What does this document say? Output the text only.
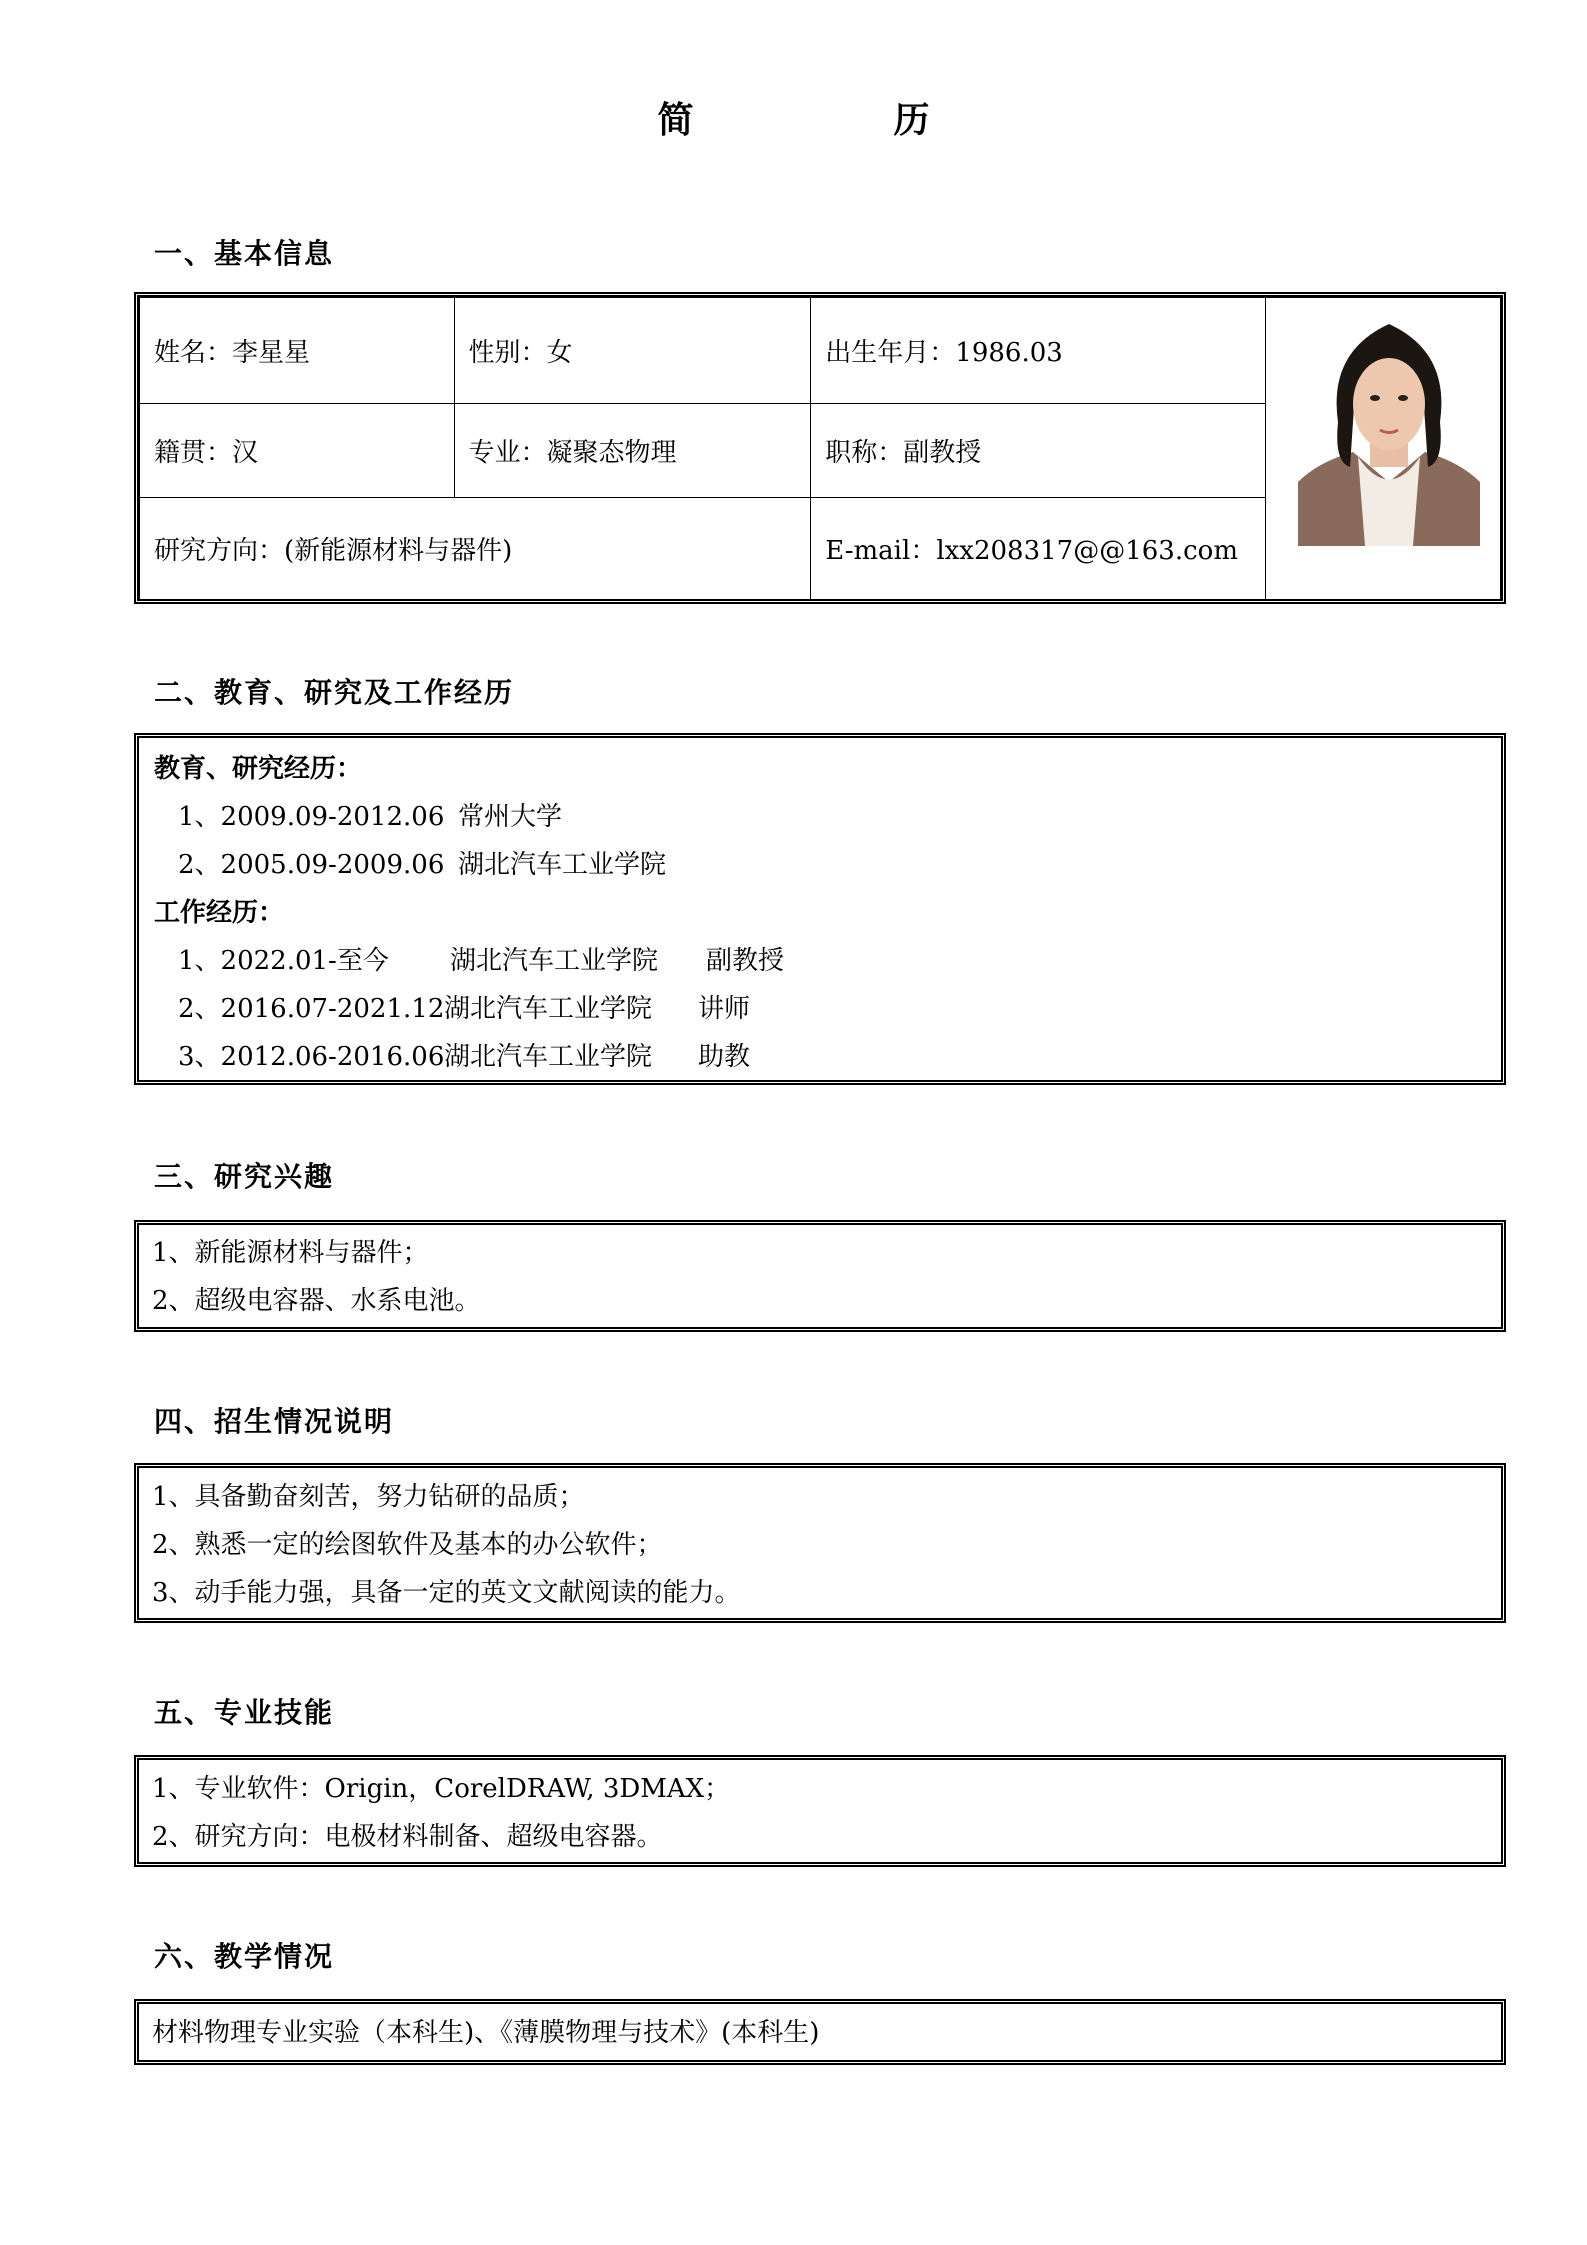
简	历
一、基本信息
姓名：李星星	性别：女	出生年月：1986.03	
籍贯：汉	专业：凝聚态物理	职称：副教授	
研究方向：(新能源材料与器件)		E-mail：lxx208317@@163.com	
二、教育、研究及工作经历
教育、研究经历：
1、2009.09-2012.06 常州大学
2、2005.09-2009.06 湖北汽车工业学院
工作经历：
1、2022.01-至今 湖北汽车工业学院 副教授
2、2016.07-2021.12 湖北汽车工业学院 讲师
3、2012.06-2016.06 湖北汽车工业学院 助教
三、研究兴趣
1、新能源材料与器件；
2、超级电容器、水系电池。
四、招生情况说明
1、具备勤奋刻苦，努力钻研的品质；
2、熟悉一定的绘图软件及基本的办公软件；
3、动手能力强，具备一定的英文文献阅读的能力。
五、专业技能
1、专业软件：Origin，CorelDRAW, 3DMAX；
2、研究方向：电极材料制备、超级电容器。
六、教学情况
材料物理专业实验（本科生)、《薄膜物理与技术》(本科生)
